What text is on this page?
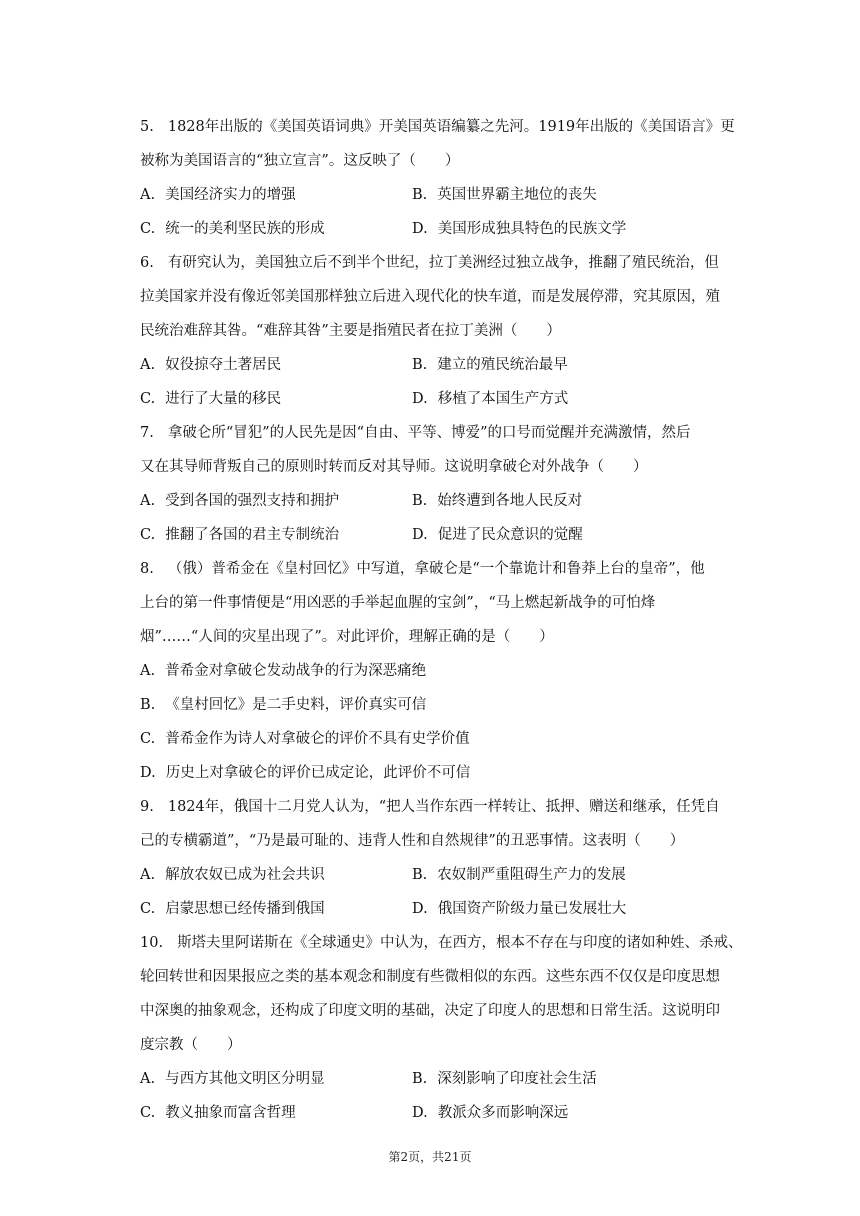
5. 1828年出版的《美国英语词典》开美国英语编纂之先河。1919年出版的《美国语言》更
被称为美国语言的“独立宣言”。这反映了（　　）
A. 美国经济实力的增强	B. 英国世界霸主地位的丧失
C. 统一的美利坚民族的形成	D. 美国形成独具特色的民族文学
6. 有研究认为，美国独立后不到半个世纪，拉丁美洲经过独立战争，推翻了殖民统治，但
拉美国家并没有像近邻美国那样独立后进入现代化的快车道，而是发展停滞，究其原因，殖
民统治难辞其咎。“难辞其咎”主要是指殖民者在拉丁美洲（　　）
A. 奴役掠夺土著居民	B. 建立的殖民统治最早
C. 进行了大量的移民	D. 移植了本国生产方式
7. 拿破仑所“冒犯”的人民先是因“自由、平等、博爱”的口号而觉醒并充满激情，然后
又在其导师背叛自己的原则时转而反对其导师。这说明拿破仑对外战争（　　）
A. 受到各国的强烈支持和拥护	B. 始终遭到各地人民反对
C. 推翻了各国的君主专制统治	D. 促进了民众意识的觉醒
8. （俄）普希金在《皇村回忆》中写道，拿破仑是“一个靠诡计和鲁莽上台的皇帝”，他
上台的第一件事情便是“用凶恶的手举起血腥的宝剑”，“马上燃起新战争的可怕烽
烟”……“人间的灾星出现了”。对此评价，理解正确的是（　　）
A. 普希金对拿破仑发动战争的行为深恶痛绝
B. 《皇村回忆》是二手史料，评价真实可信
C. 普希金作为诗人对拿破仑的评价不具有史学价值
D. 历史上对拿破仑的评价已成定论，此评价不可信
9. 1824年，俄国十二月党人认为，“把人当作东西一样转让、抵押、赠送和继承，任凭自
己的专横霸道”，“乃是最可耻的、违背人性和自然规律”的丑恶事情。这表明（　　）
A. 解放农奴已成为社会共识	B. 农奴制严重阻碍生产力的发展
C. 启蒙思想已经传播到俄国	D. 俄国资产阶级力量已发展壮大
10. 斯塔夫里阿诺斯在《全球通史》中认为，在西方，根本不存在与印度的诸如种姓、杀戒、
轮回转世和因果报应之类的基本观念和制度有些微相似的东西。这些东西不仅仅是印度思想
中深奥的抽象观念，还构成了印度文明的基础，决定了印度人的思想和日常生活。这说明印
度宗教（　　）
A. 与西方其他文明区分明显	B. 深刻影响了印度社会生活
C. 教义抽象而富含哲理	D. 教派众多而影响深远
第2页，共21页
